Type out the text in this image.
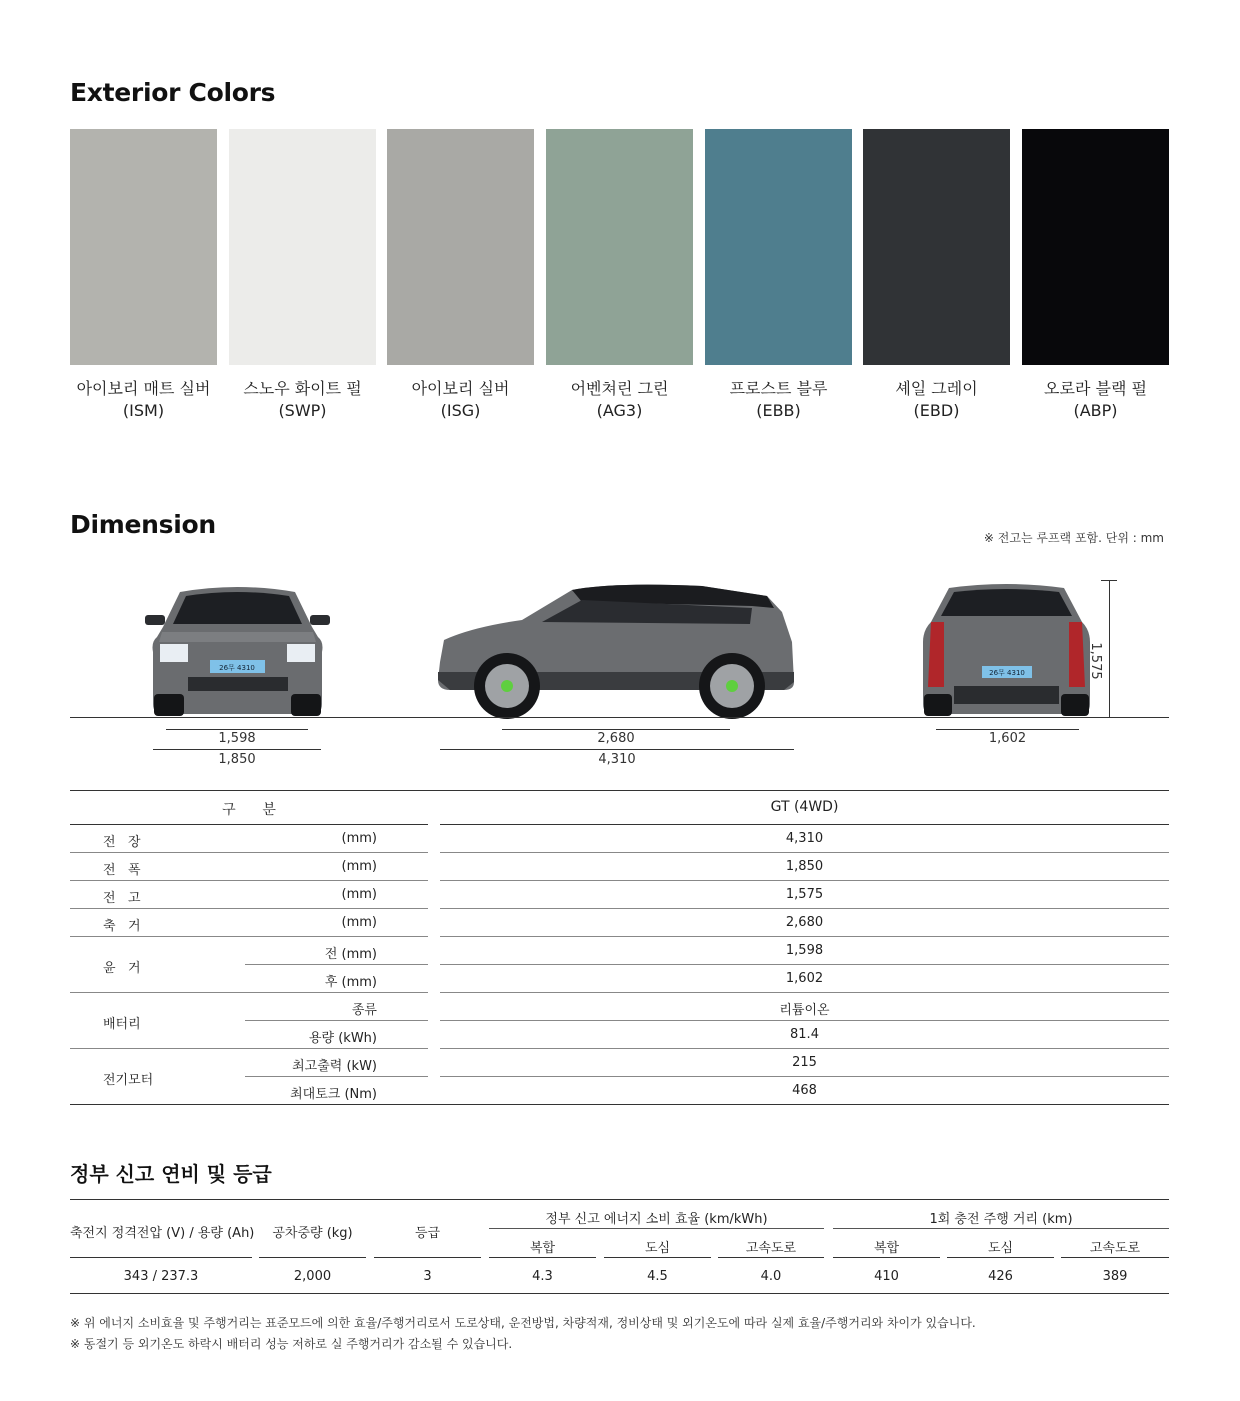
Exterior Colors
아이보리 매트 실버
(ISM)
스노우 화이트 펄
(SWP)
아이보리 실버
(ISG)
어벤쳐린 그린
(AG3)
프로스트 블루
(EBB)
셰일 그레이
(EBD)
오로라 블랙 펄
(ABP)
Dimension	※ 전고는 루프랙 포함. 단위 : mm
26무 4310
26무 4310	1,575
1,598
1,850
2,680
4,310
1,602
구      분	GT (4WD)
전   장	(mm)	4,310
전   폭	(mm)	1,850
전   고	(mm)	1,575
축   거	(mm)	2,680
윤   거
전 (mm)	1,598
후 (mm)	1,602
배터리
종류	리튬이온
용량 (kWh)	81.4
전기모터
최고출력 (kW)	215
최대토크 (Nm)	468
정부 신고 연비 및 등급
축전지 정격전압 (V) / 용량 (Ah)	공차중량 (kg)	등급
정부 신고 에너지 소비 효율 (km/kWh)	1회 충전 주행 거리 (km)
복합	도심	고속도로	복합	도심	고속도로
343 / 237.3	2,000	3	4.3	4.5	4.0	410	426	389
※ 위 에너지 소비효율 및 주행거리는 표준모드에 의한 효율/주행거리로서 도로상태, 운전방법, 차량적재, 정비상태 및 외기온도에 따라 실제 효율/주행거리와 차이가 있습니다.
※ 동절기 등 외기온도 하락시 배터리 성능 저하로 실 주행거리가 감소될 수 있습니다.
